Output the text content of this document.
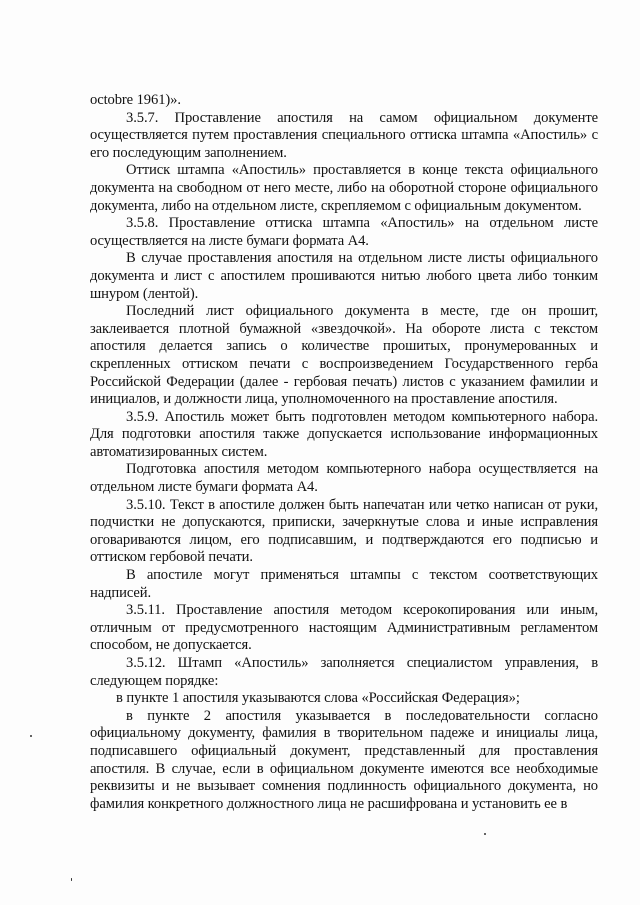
octobre 1961)».

3.5.7. Проставление апостиля на самом официальном документе осуществляется путем проставления специального оттиска штампа «Апостиль» с его последующим заполнением.

Оттиск штампа «Апостиль» проставляется в конце текста официального документа на свободном от него месте, либо на оборотной стороне официального документа, либо на отдельном листе, скрепляемом с официальным документом.

3.5.8. Проставление оттиска штампа «Апостиль» на отдельном листе осуществляется на листе бумаги формата А4.

В случае проставления апостиля на отдельном листе листы официального документа и лист с апостилем прошиваются нитью любого цвета либо тонким шнуром (лентой).

Последний лист официального документа в месте, где он прошит, заклеивается плотной бумажной «звездочкой». На обороте листа с текстом апостиля делается запись о количестве прошитых, пронумерованных и скрепленных оттиском печати с воспроизведением Государственного герба Российской Федерации (далее - гербовая печать) листов с указанием фамилии и инициалов, и должности лица, уполномоченного на проставление апостиля.

3.5.9. Апостиль может быть подготовлен методом компьютерного набора. Для подготовки апостиля также допускается использование информационных автоматизированных систем.

Подготовка апостиля методом компьютерного набора осуществляется на отдельном листе бумаги формата А4.

3.5.10. Текст в апостиле должен быть напечатан или четко написан от руки, подчистки не допускаются, приписки, зачеркнутые слова и иные исправления оговариваются лицом, его подписавшим, и подтверждаются его подписью и оттиском гербовой печати.

В апостиле могут применяться штампы с текстом соответствующих надписей.

3.5.11. Проставление апостиля методом ксерокопирования или иным, отличным от предусмотренного настоящим Административным регламентом способом, не допускается.

3.5.12. Штамп «Апостиль» заполняется специалистом управления, в следующем порядке:

в пункте 1 апостиля указываются слова «Российская Федерация»;

в пункте 2 апостиля указывается в последовательности согласно официальному документу, фамилия в творительном падеже и инициалы лица, подписавшего официальный документ, представленный для проставления апостиля. В случае, если в официальном документе имеются все необходимые реквизиты и не вызывает сомнения подлинность официального документа, но фамилия конкретного должностного лица не расшифрована и установить ее в
